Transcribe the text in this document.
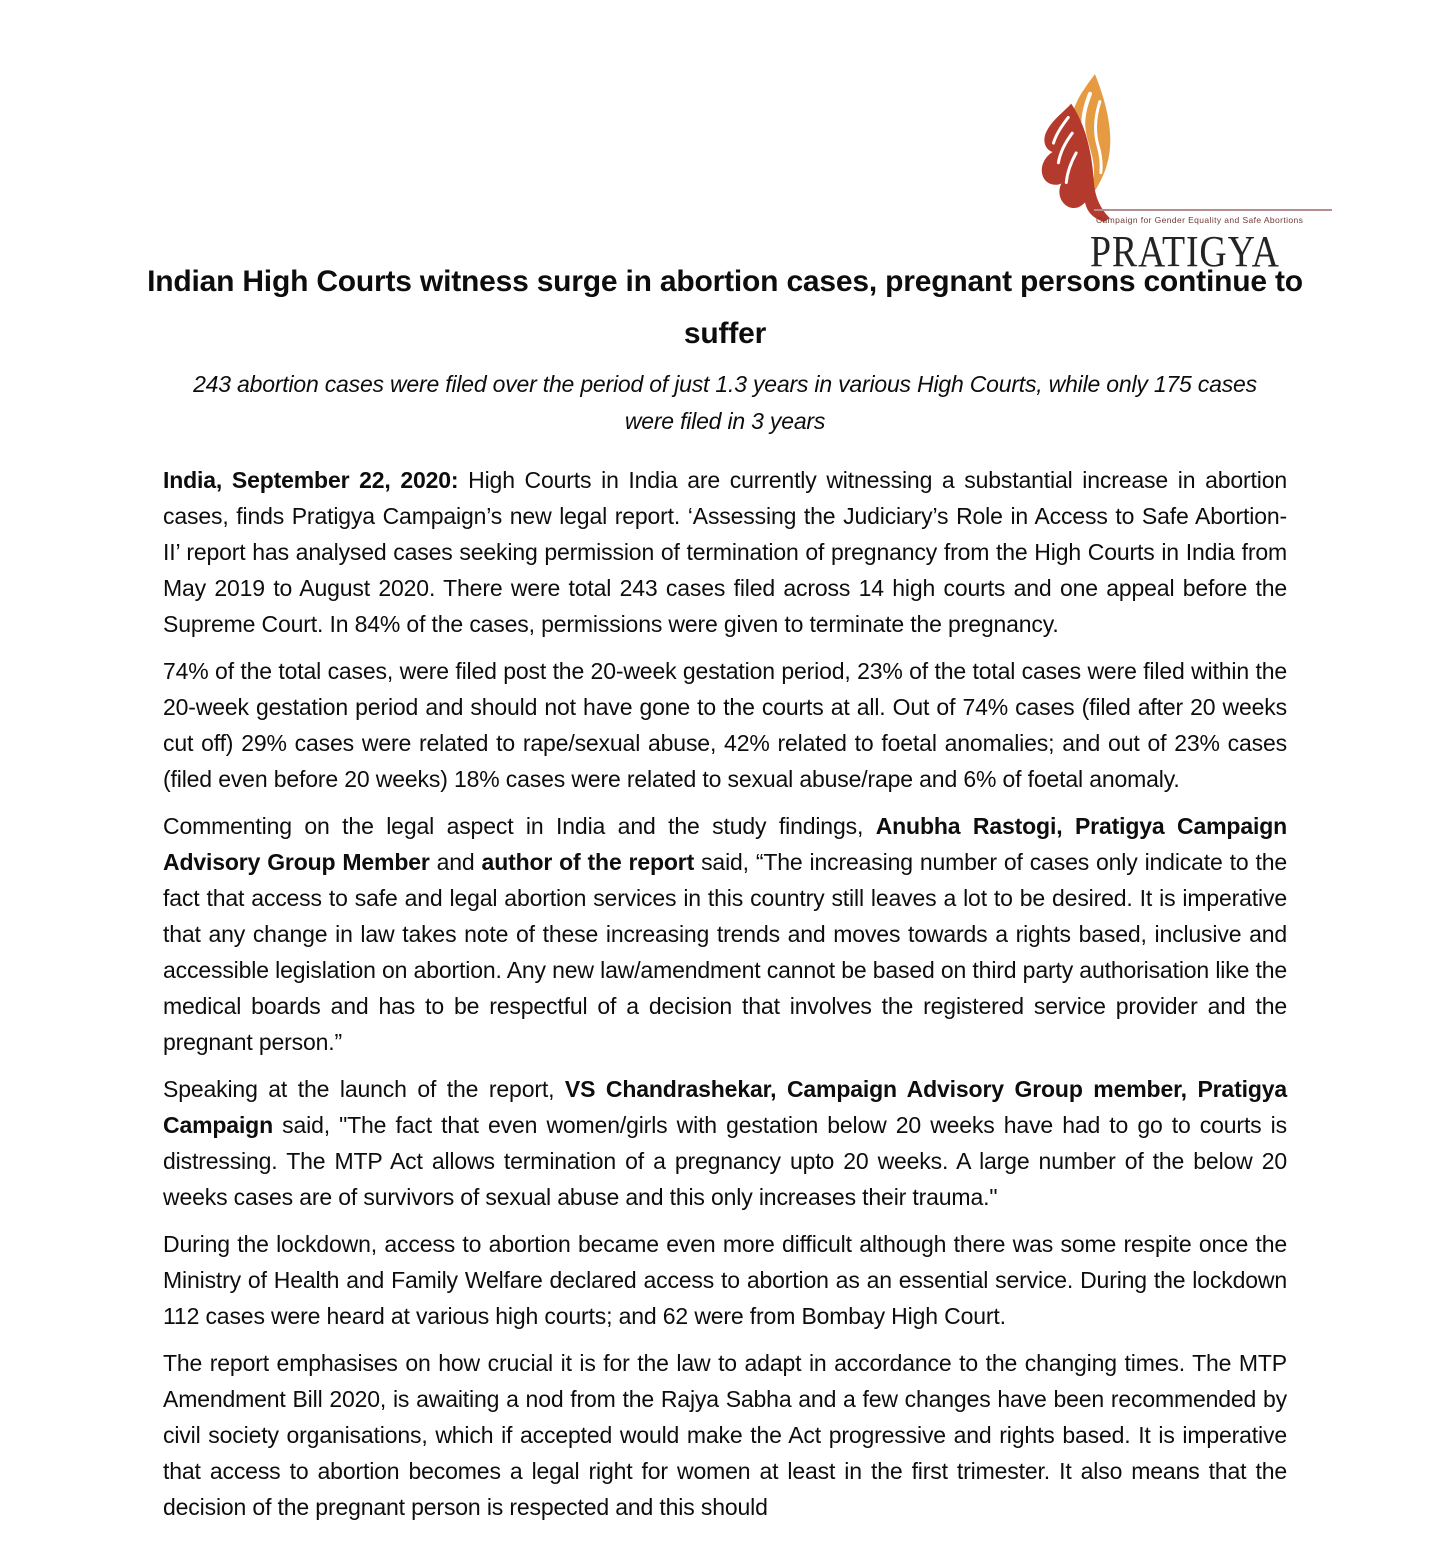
PRATIGYA
Campaign for Gender Equality and Safe Abortions
Indian High Courts witness surge in abortion cases, pregnant persons continue to suffer
243 abortion cases were filed over the period of just 1.3 years in various High Courts, while only 175 cases were filed in 3 years

India, September 22, 2020: High Courts in India are currently witnessing a substantial increase in abortion cases, finds Pratigya Campaign’s new legal report. ‘Assessing the Judiciary’s Role in Access to Safe Abortion- II’ report has analysed cases seeking permission of termination of pregnancy from the High Courts in India from May 2019 to August 2020. There were total 243 cases filed across 14 high courts and one appeal before the Supreme Court. In 84% of the cases, permissions were given to terminate the pregnancy.

74% of the total cases, were filed post the 20-week gestation period, 23% of the total cases were filed within the 20-week gestation period and should not have gone to the courts at all. Out of 74% cases (filed after 20 weeks cut off) 29% cases were related to rape/sexual abuse, 42% related to foetal anomalies; and out of 23% cases (filed even before 20 weeks) 18% cases were related to sexual abuse/rape and 6% of foetal anomaly.

Commenting on the legal aspect in India and the study findings, Anubha Rastogi, Pratigya Campaign Advisory Group Member and author of the report said, “The increasing number of cases only indicate to the fact that access to safe and legal abortion services in this country still leaves a lot to be desired. It is imperative that any change in law takes note of these increasing trends and moves towards a rights based, inclusive and accessible legislation on abortion. Any new law/amendment cannot be based on third party authorisation like the medical boards and has to be respectful of a decision that involves the registered service provider and the pregnant person.”

Speaking at the launch of the report, VS Chandrashekar, Campaign Advisory Group member, Pratigya Campaign said, "The fact that even women/girls with gestation below 20 weeks have had to go to courts is distressing. The MTP Act allows termination of a pregnancy upto 20 weeks. A large number of the below 20 weeks cases are of survivors of sexual abuse and this only increases their trauma."

During the lockdown, access to abortion became even more difficult although there was some respite once the Ministry of Health and Family Welfare declared access to abortion as an essential service. During the lockdown 112 cases were heard at various high courts; and 62 were from Bombay High Court.

The report emphasises on how crucial it is for the law to adapt in accordance to the changing times. The MTP Amendment Bill 2020, is awaiting a nod from the Rajya Sabha and a few changes have been recommended by civil society organisations, which if accepted would make the Act progressive and rights based. It is imperative that access to abortion becomes a legal right for women at least in the first trimester. It also means that the decision of the pregnant person is respected and this should
